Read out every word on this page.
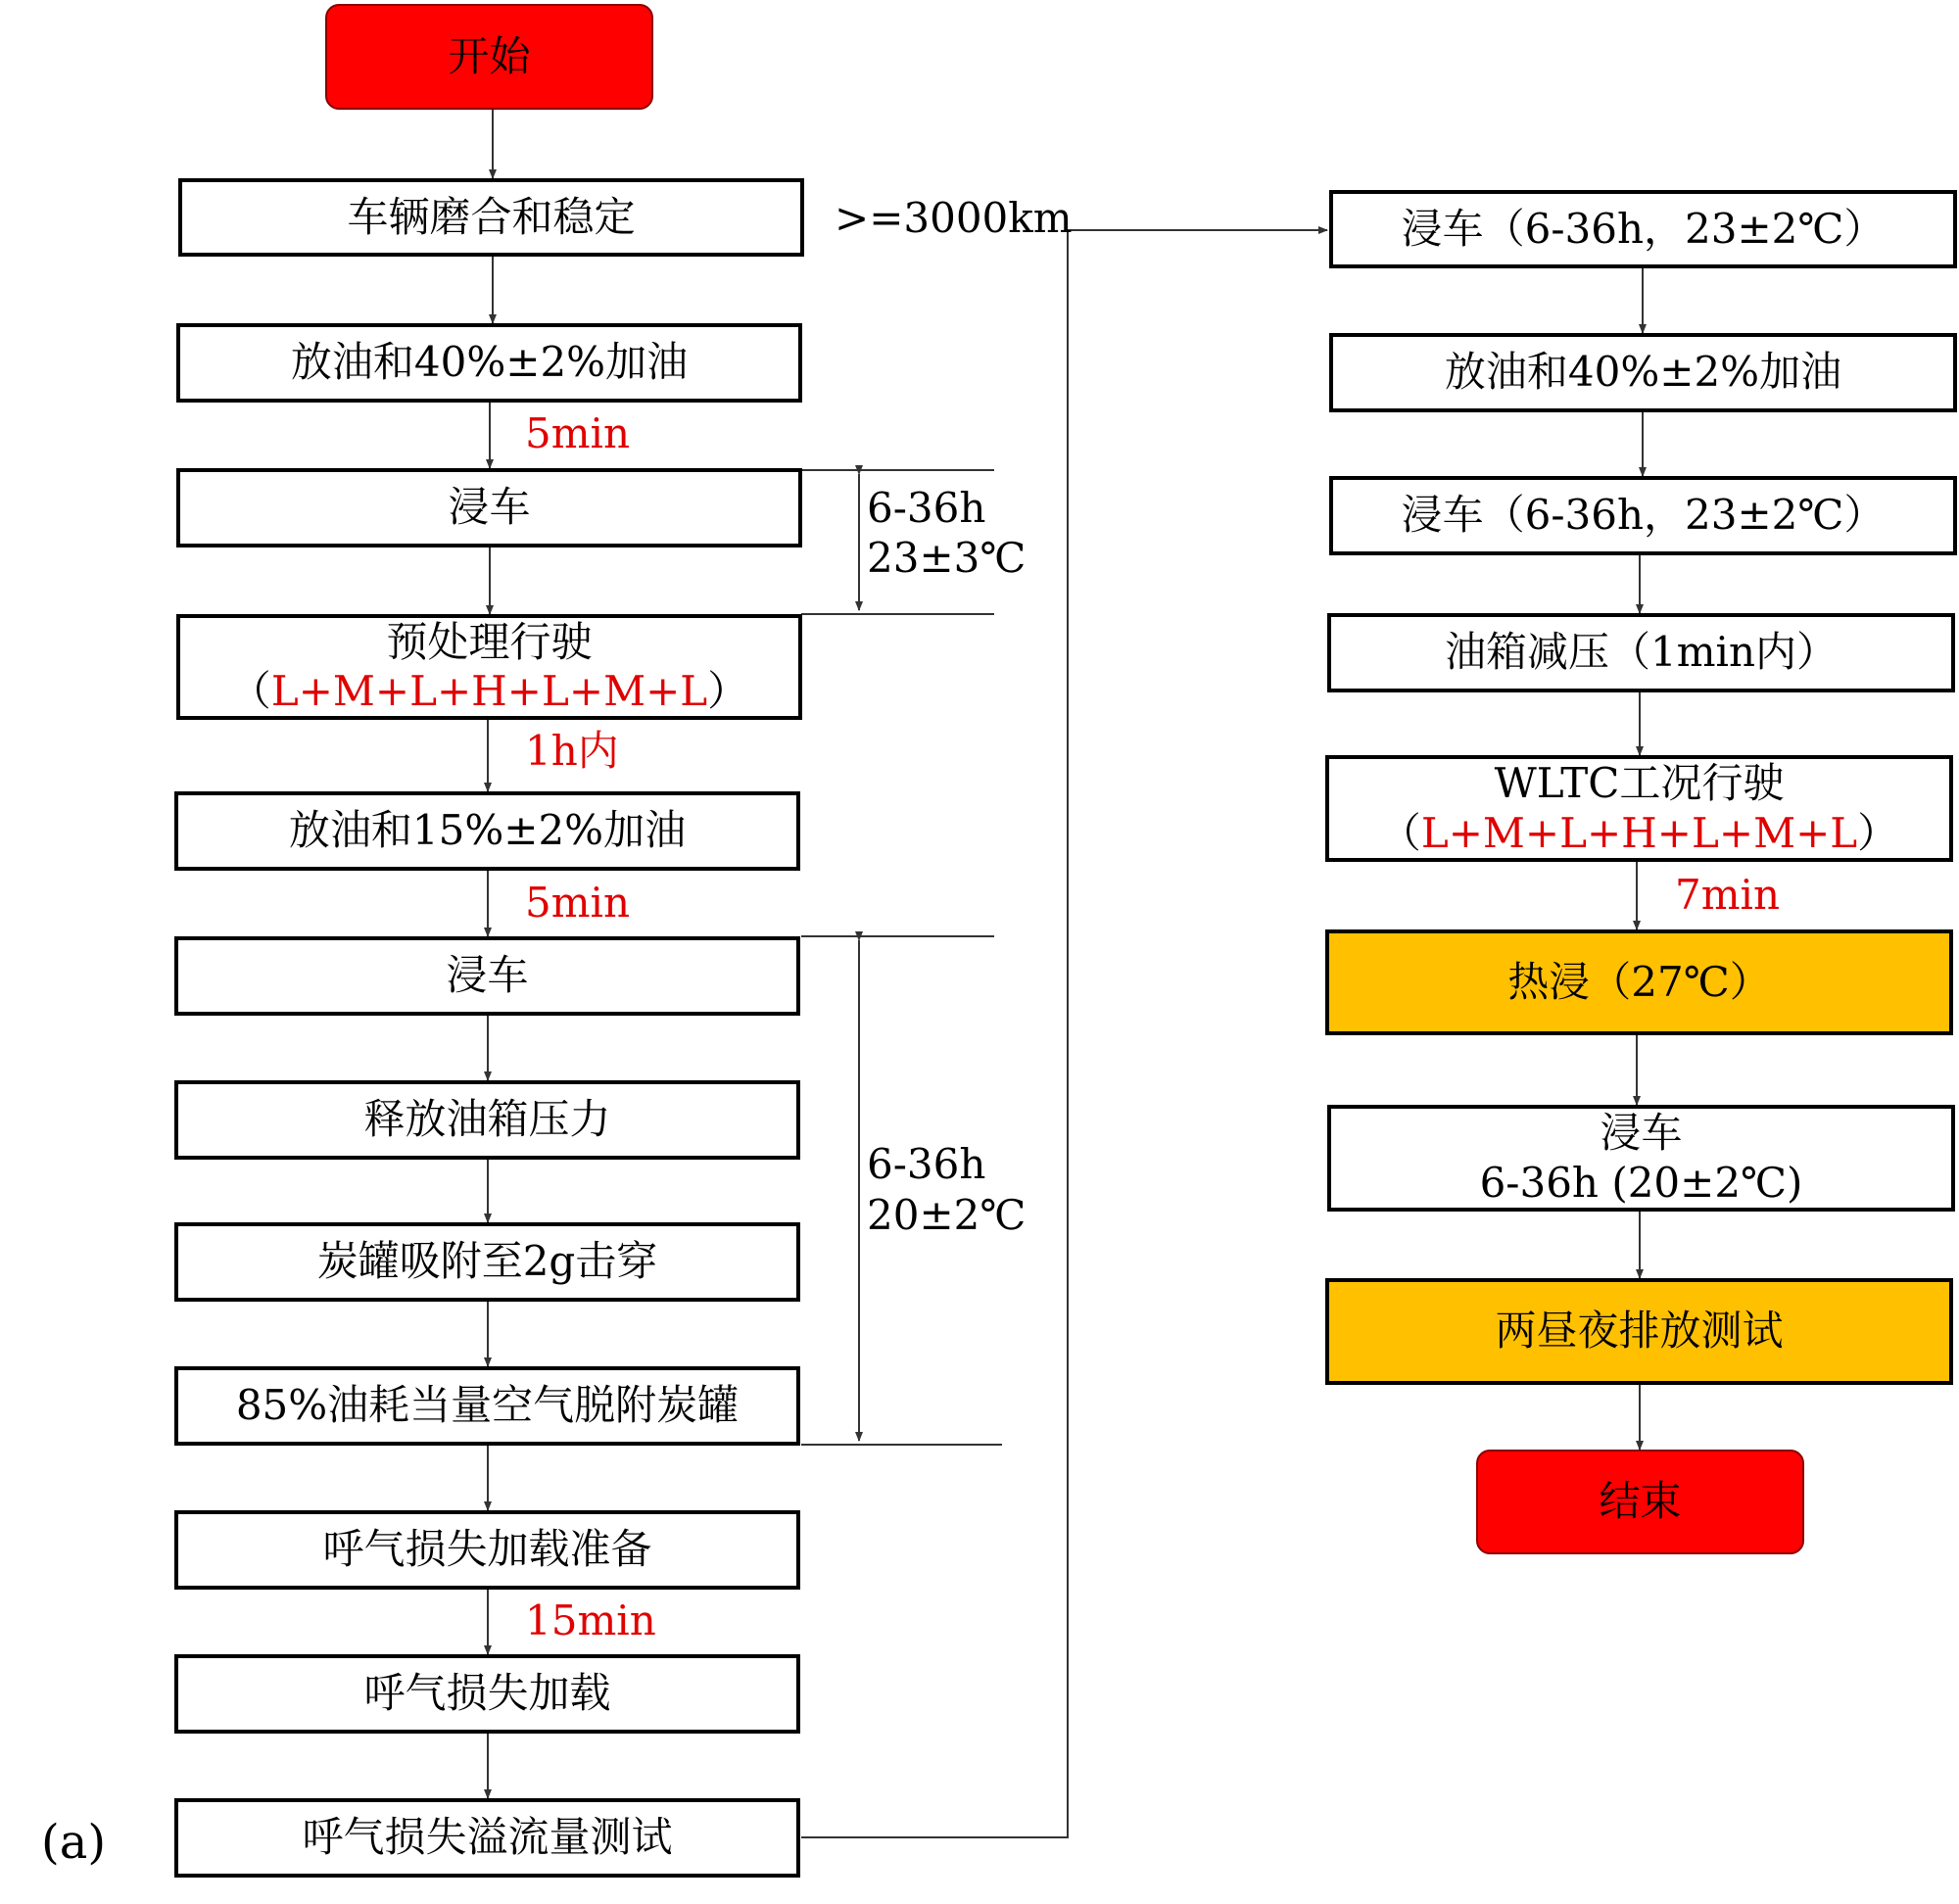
开始
车辆磨合和稳定
放油和40%±2%加油
浸车
预处理行驶
（L+M+L+H+L+M+L）
放油和15%±2%加油
浸车
释放油箱压力
炭罐吸附至2g击穿
85%油耗当量空气脱附炭罐
呼气损失加载准备
呼气损失加载
呼气损失溢流量测试
浸车（6-36h，23±2℃）
放油和40%±2%加油
浸车（6-36h，23±2℃）
油箱减压（1min内）
WLTC工况行驶
（L+M+L+H+L+M+L）
热浸（27℃）
浸车
6-36h (20±2℃)
两昼夜排放测试
结束
>=3000km
5min
1h内
5min
15min
7min
6-36h
23±3℃
6-36h
20±2℃
(a)
